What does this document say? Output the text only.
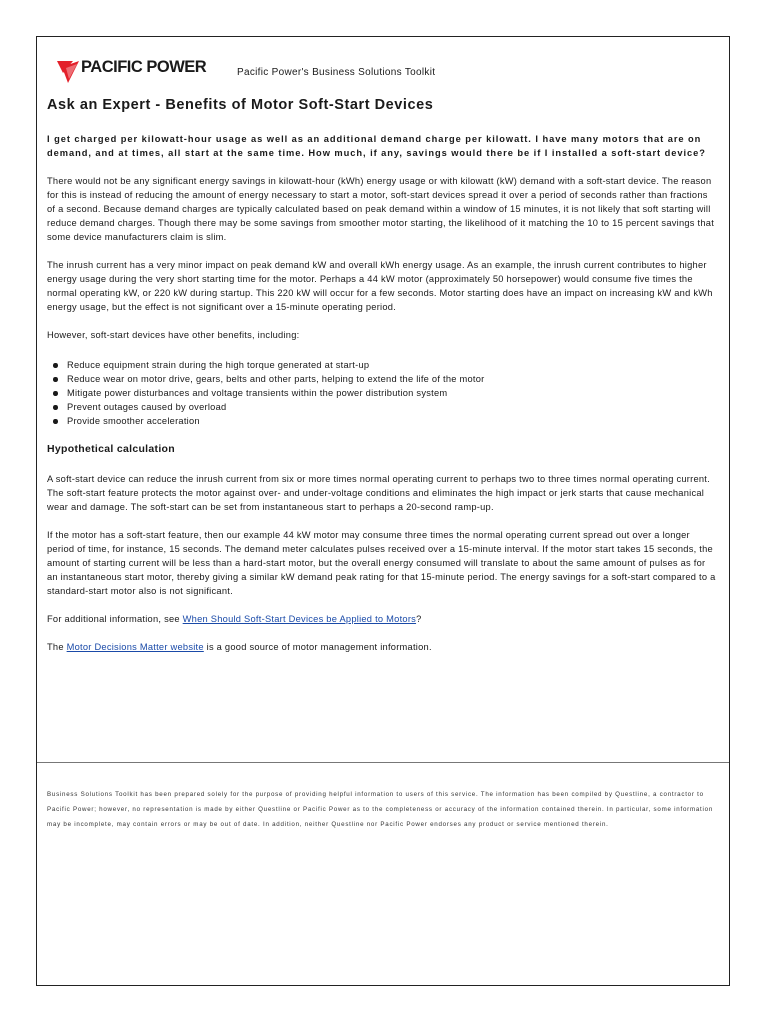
PACIFIC POWER	Pacific Power's Business Solutions Toolkit
Ask an Expert - Benefits of Motor Soft-Start Devices

I get charged per kilowatt-hour usage as well as an additional demand charge per kilowatt. I have many motors that are on demand, and at times, all start at the same time. How much, if any, savings would there be if I installed a soft-start device?

There would not be any significant energy savings in kilowatt-hour (kWh) energy usage or with kilowatt (kW) demand with a soft-start device. The reason for this is instead of reducing the amount of energy necessary to start a motor, soft-start devices spread it over a period of seconds rather than fractions of a second. Because demand charges are typically calculated based on peak demand within a window of 15 minutes, it is not likely that soft starting will reduce demand charges. Though there may be some savings from smoother motor starting, the likelihood of it matching the 10 to 15 percent savings that some device manufacturers claim is slim.

The inrush current has a very minor impact on peak demand kW and overall kWh energy usage. As an example, the inrush current contributes to higher energy usage during the very short starting time for the motor. Perhaps a 44 kW motor (approximately 50 horsepower) would consume five times the normal operating kW, or 220 kW during startup. This 220 kW will occur for a few seconds. Motor starting does have an impact on increasing kW and kWh energy usage, but the effect is not significant over a 15-minute operating period.

However, soft-start devices have other benefits, including:

Reduce equipment strain during the high torque generated at start-up
Reduce wear on motor drive, gears, belts and other parts, helping to extend the life of the motor
Mitigate power disturbances and voltage transients within the power distribution system
Prevent outages caused by overload
Provide smoother acceleration
Hypothetical calculation

A soft-start device can reduce the inrush current from six or more times normal operating current to perhaps two to three times normal operating current. The soft-start feature protects the motor against over- and under-voltage conditions and eliminates the high impact or jerk starts that cause mechanical wear and damage. The soft-start can be set from instantaneous start to perhaps a 20-second ramp-up.

If the motor has a soft-start feature, then our example 44 kW motor may consume three times the normal operating current spread out over a longer period of time, for instance, 15 seconds. The demand meter calculates pulses received over a 15-minute interval. If the motor start takes 15 seconds, the amount of starting current will be less than a hard-start motor, but the overall energy consumed will translate to about the same amount of pulses as for an instantaneous start motor, thereby giving a similar kW demand peak rating for that 15-minute period. The energy savings for a soft-start compared to a standard-start motor also is not significant.

For additional information, see When Should Soft-Start Devices be Applied to Motors?

The Motor Decisions Matter website is a good source of motor management information.

Business Solutions Toolkit has been prepared solely for the purpose of providing helpful information to users of this service. The information has been compiled by Questline, a contractor to Pacific Power; however, no representation is made by either Questline or Pacific Power as to the completeness or accuracy of the information contained therein. In particular, some information may be incomplete, may contain errors or may be out of date. In addition, neither Questline nor Pacific Power endorses any product or service mentioned therein.
